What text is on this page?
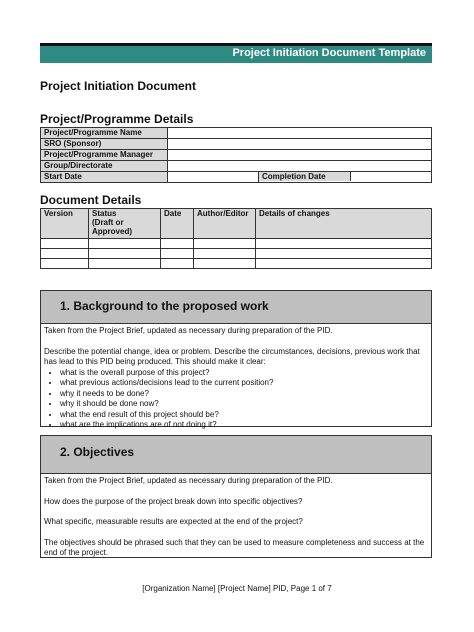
Project Initiation Document Template
Project Initiation Document
Project/Programme Details
Project/Programme Name		
SRO (Sponsor)		
Project/Programme Manager		
Group/Directorate		
Start Date		Completion Date
Document Details
Version	Status
(Draft or
Approved)	Date	Author/Editor	Details of changes

1. Background to the proposed work

Taken from the Project Brief, updated as necessary during preparation of the PID.

Describe the potential change, idea or problem. Describe the circumstances, decisions, previous work that has lead to this PID being produced. This should make it clear:

• what is the overall purpose of this project?
• what previous actions/decisions lead to the current position?
• why it needs to be done?
• why it should be done now?
• what the end result of this project should be?
• what are the implications are of not doing it?
2. Objectives

Taken from the Project Brief, updated as necessary during preparation of the PID.

How does the purpose of the project break down into specific objectives?

What specific, measurable results are expected at the end of the project?

The objectives should be phrased such that they can be used to measure completeness and success at the end of the project.

[Organization Name] [Project Name] PID, Page 1 of 7
